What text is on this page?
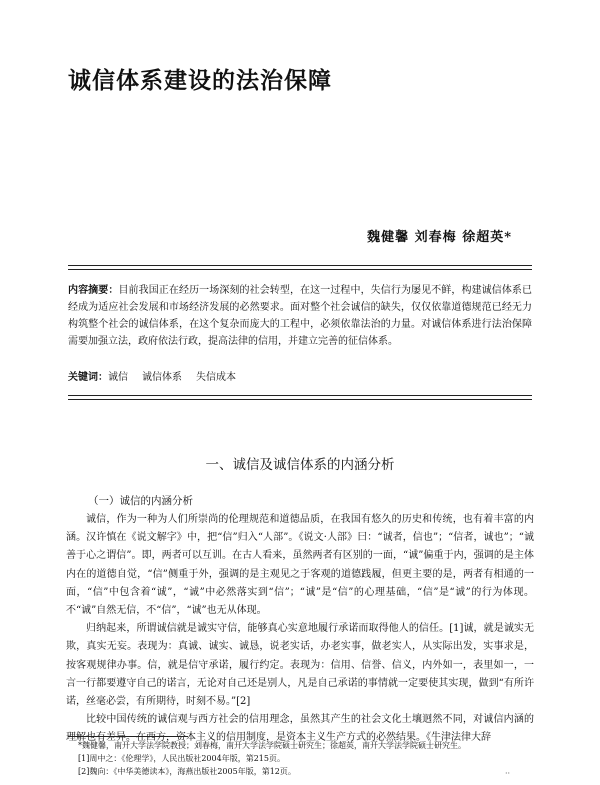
诚信体系建设的法治保障
魏健馨 刘春梅 徐超英*
内容摘要：目前我国正在经历一场深刻的社会转型，在这一过程中，失信行为屡见不鲜，构建诚信体系已经成为适应社会发展和市场经济发展的必然要求。面对整个社会诚信的缺失，仅仅依靠道德规范已经无力构筑整个社会的诚信体系，在这个复杂而庞大的工程中，必须依靠法治的力量。对诚信体系进行法治保障需要加强立法，政府依法行政，提高法律的信用，并建立完善的征信体系。
关键词：诚信 诚信体系 失信成本
一、诚信及诚信体系的内涵分析
（一）诚信的内涵分析

诚信，作为一种为人们所崇尚的伦理规范和道德品质，在我国有悠久的历史和传统，也有着丰富的内涵。汉许慎在《说文解字》中，把“信”归入“人部”。《说文·人部》曰：“诚者，信也”；“信者，诚也”；“诚善于心之谓信”。即，两者可以互训。在古人看来，虽然两者有区别的一面，“诚”偏重于内，强调的是主体内在的道德自觉，“信”侧重于外，强调的是主观见之于客观的道德践履，但更主要的是，两者有相通的一面，“信”中包含着“诚”，“诚”中必然落实到“信”；“诚”是“信”的心理基础，“信”是“诚”的行为体现。不“诚”自然无信，不“信”，“诚”也无从体现。

归纳起来，所谓诚信就是诚实守信，能够真心实意地履行承诺而取得他人的信任。[1]诚，就是诚实无欺，真实无妄。表现为：真诚、诚实、诚恳，说老实话，办老实事，做老实人，从实际出发，实事求是，按客观规律办事。信，就是信守承诺，履行约定。表现为：信用、信誉、信义，内外如一，表里如一，一言一行都要遵守自己的诺言，无论对自己还是别人，凡是自己承诺的事情就一定要使其实现，做到“有所许诺，丝毫必尝，有所期待，时刻不易。”[2]

比较中国传统的诚信观与西方社会的信用理念，虽然其产生的社会文化土壤迥然不同，对诚信内涵的理解也有差异。在西方，资本主义的信用制度，是资本主义生产方式的必然结果。《牛津法律大辞

*魏健馨，南开大学法学院教授；刘春梅，南开大学法学院硕士研究生；徐超英，南开大学法学院硕士研究生。
[1]周中之：《伦理学》，人民出版社2004年版，第215页。
[2]魏向：《中华美德读本》，海燕出版社2005年版，第12页。	··
